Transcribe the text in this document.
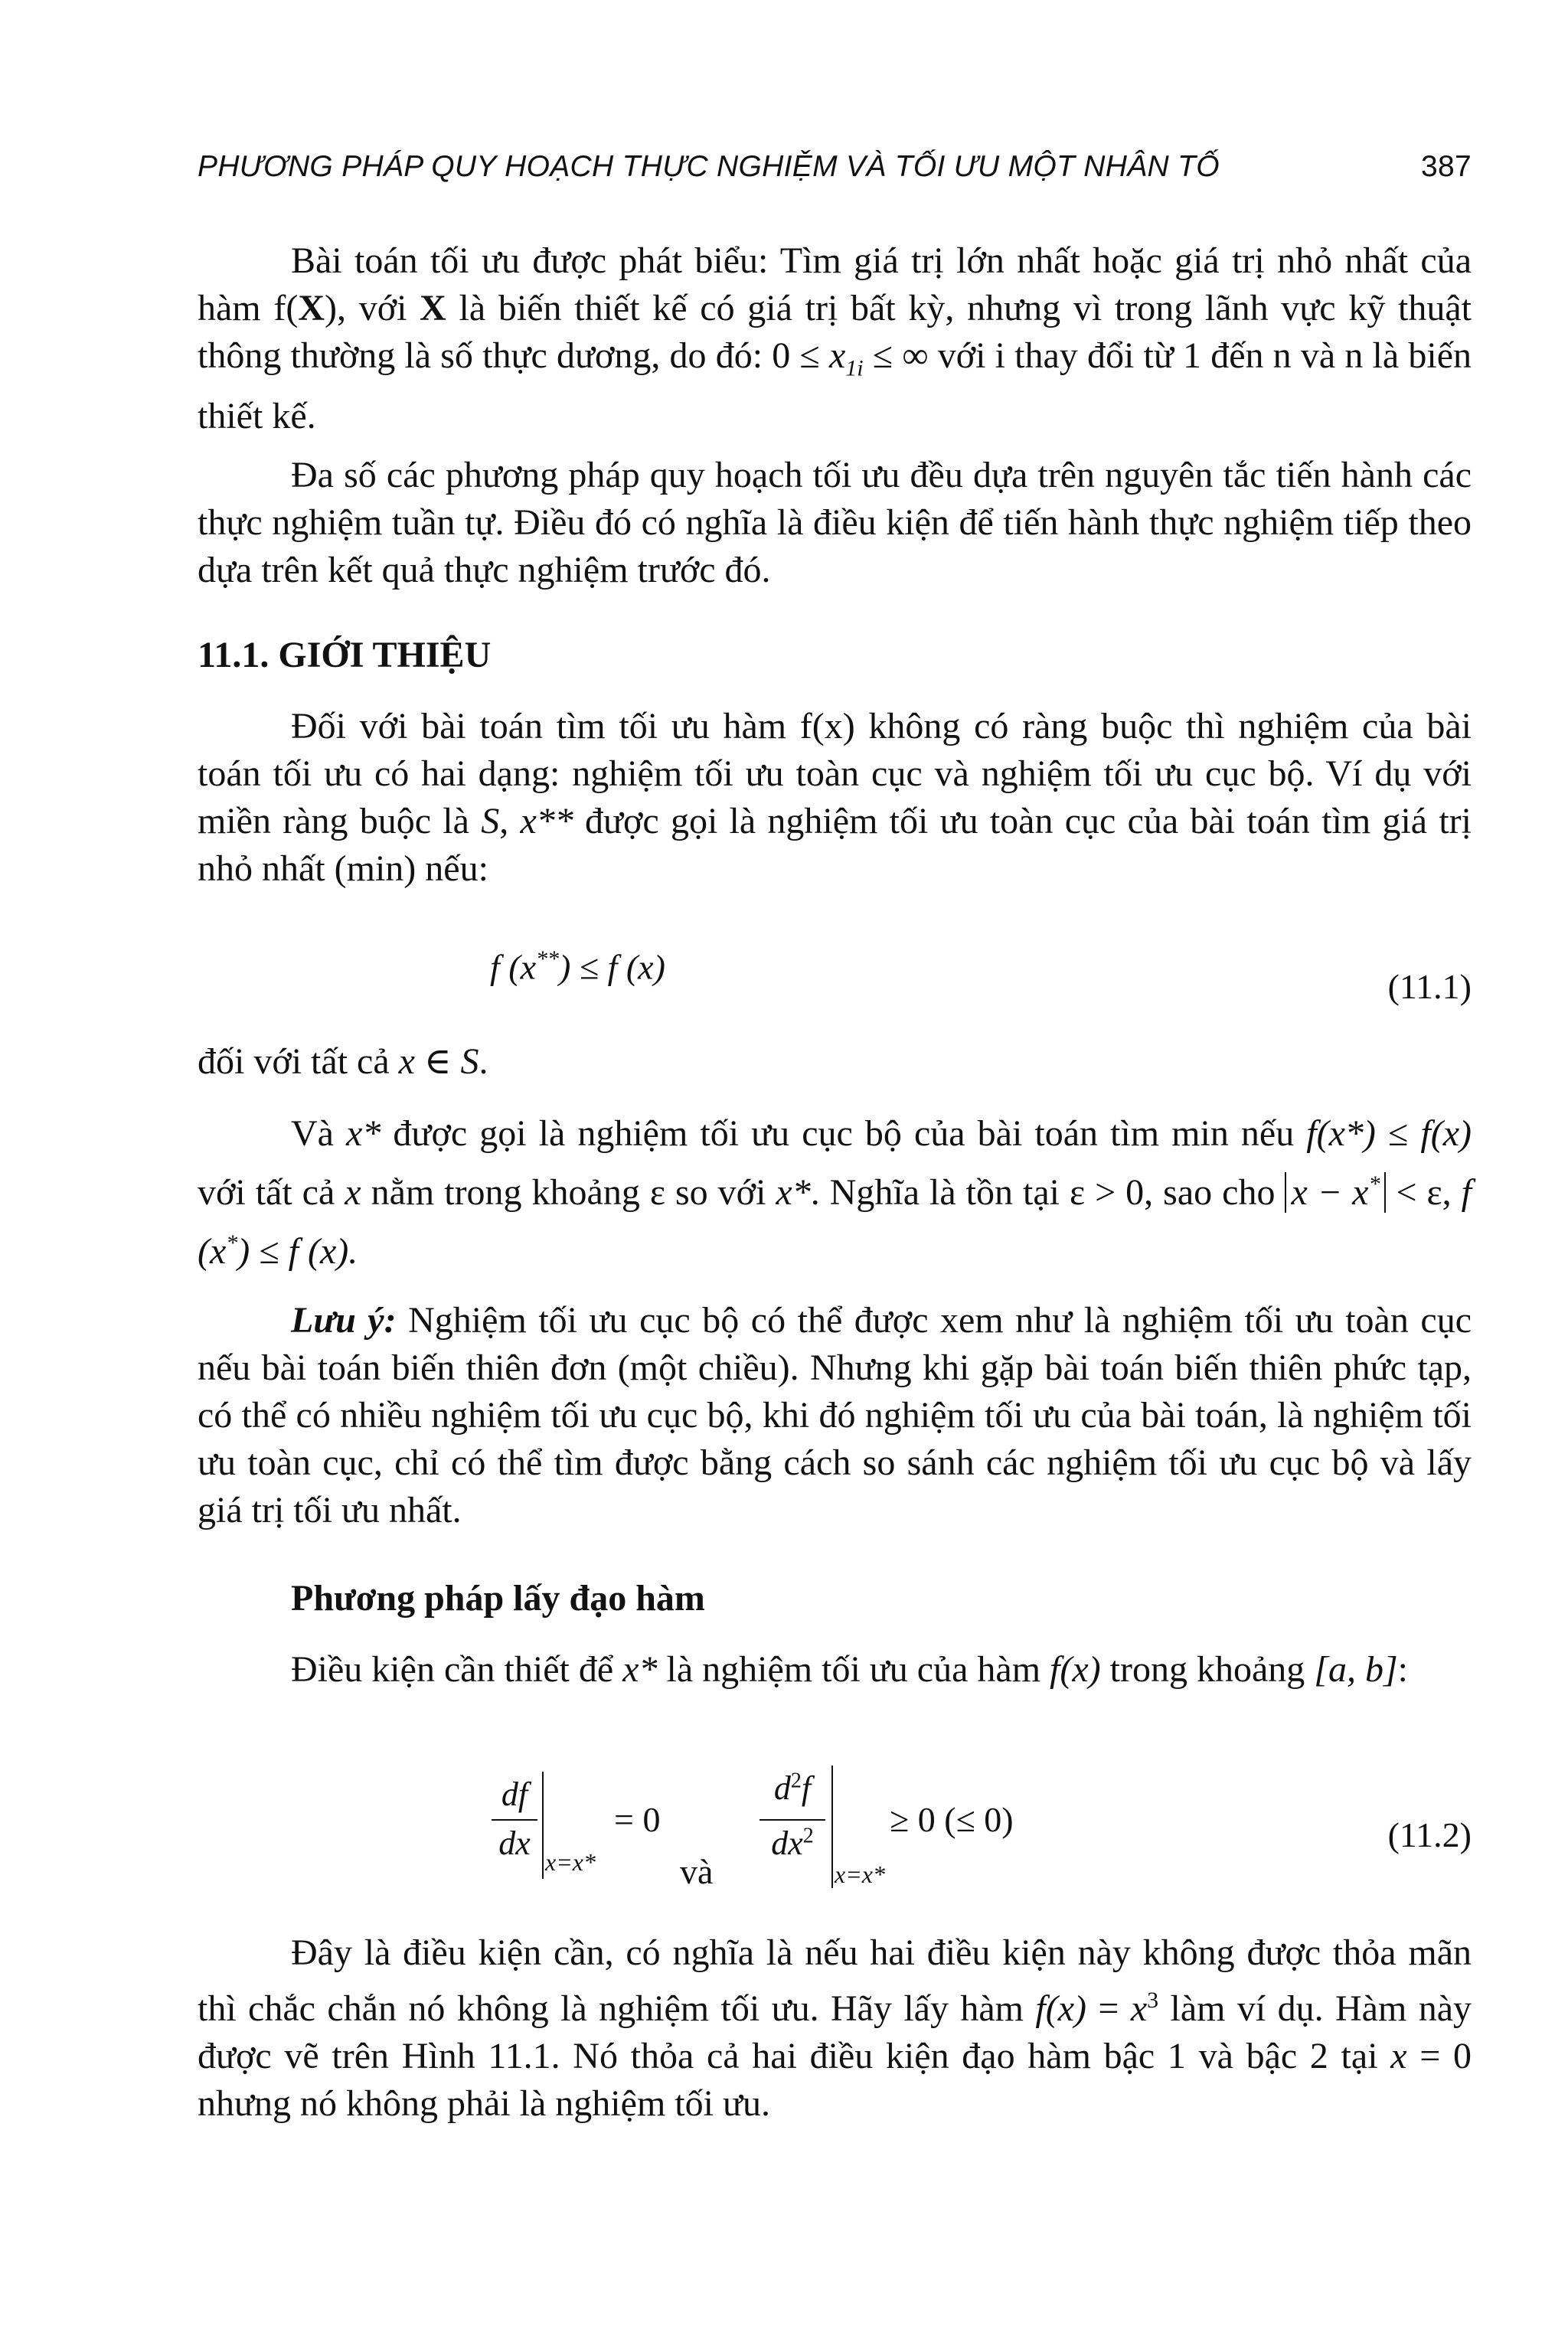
PHƯƠNG PHÁP QUY HOẠCH THỰC NGHIỆM VÀ TỐI ƯU MỘT NHÂN TỐ	387
Bài toán tối ưu được phát biểu: Tìm giá trị lớn nhất hoặc giá trị nhỏ nhất của hàm f(X), với X là biến thiết kế có giá trị bất kỳ, nhưng vì trong lãnh vực kỹ thuật thông thường là số thực dương, do đó: $0 \le x_{1i}$ ≤ ∞ với i thay đổi từ 1 đến n và n là biến thiết kế.
Đa số các phương pháp quy hoạch tối ưu đều dựa trên nguyên tắc tiến hành các thực nghiệm tuần tự. Điều đó có nghĩa là điều kiện để tiến hành thực nghiệm tiếp theo dựa trên kết quả thực nghiệm trước đó.
11.1. GIỚI THIỆU
Đối với bài toán tìm tối ưu hàm f(x) không có ràng buộc thì nghiệm của bài toán tối ưu có hai dạng: nghiệm tối ưu toàn cục và nghiệm tối ưu cục bộ. Ví dụ với miền ràng buộc là S, x** được gọi là nghiệm tối ưu toàn cục của bài toán tìm giá trị nhỏ nhất (min) nếu:
f (x**) ≤ f (x)
(11.1)
đối với tất cả x ∈ S.
Và x* được gọi là nghiệm tối ưu cục bộ của bài toán tìm min nếu f(x*) ≤ f(x) với tất cả x nằm trong khoảng ε so với x*. Nghĩa là tồn tại ε > 0, sao cho x − x* < ε, f (x*) ≤ f (x).
Lưu ý: Nghiệm tối ưu cục bộ có thể được xem như là nghiệm tối ưu toàn cục nếu bài toán biến thiên đơn (một chiều). Nhưng khi gặp bài toán biến thiên phức tạp, có thể có nhiều nghiệm tối ưu cục bộ, khi đó nghiệm tối ưu của bài toán, là nghiệm tối ưu toàn cục, chỉ có thể tìm được bằng cách so sánh các nghiệm tối ưu cục bộ và lấy giá trị tối ưu nhất.
Phương pháp lấy đạo hàm
Điều kiện cần thiết để x* là nghiệm tối ưu của hàm f(x) trong khoảng [a, b]:
df
dx x=x*
= 0
và
$d^2f$
$dx^2$
x=x*
≥ 0 (≤ 0)	(11.2)
Đây là điều kiện cần, có nghĩa là nếu hai điều kiện này không được thỏa mãn thì chắc chắn nó không là nghiệm tối ưu. Hãy lấy hàm $f(x) = x^3$ làm ví dụ. Hàm này được vẽ trên Hình 11.1. Nó thỏa cả hai điều kiện đạo hàm bậc 1 và bậc 2 tại x = 0 nhưng nó không phải là nghiệm tối ưu.
